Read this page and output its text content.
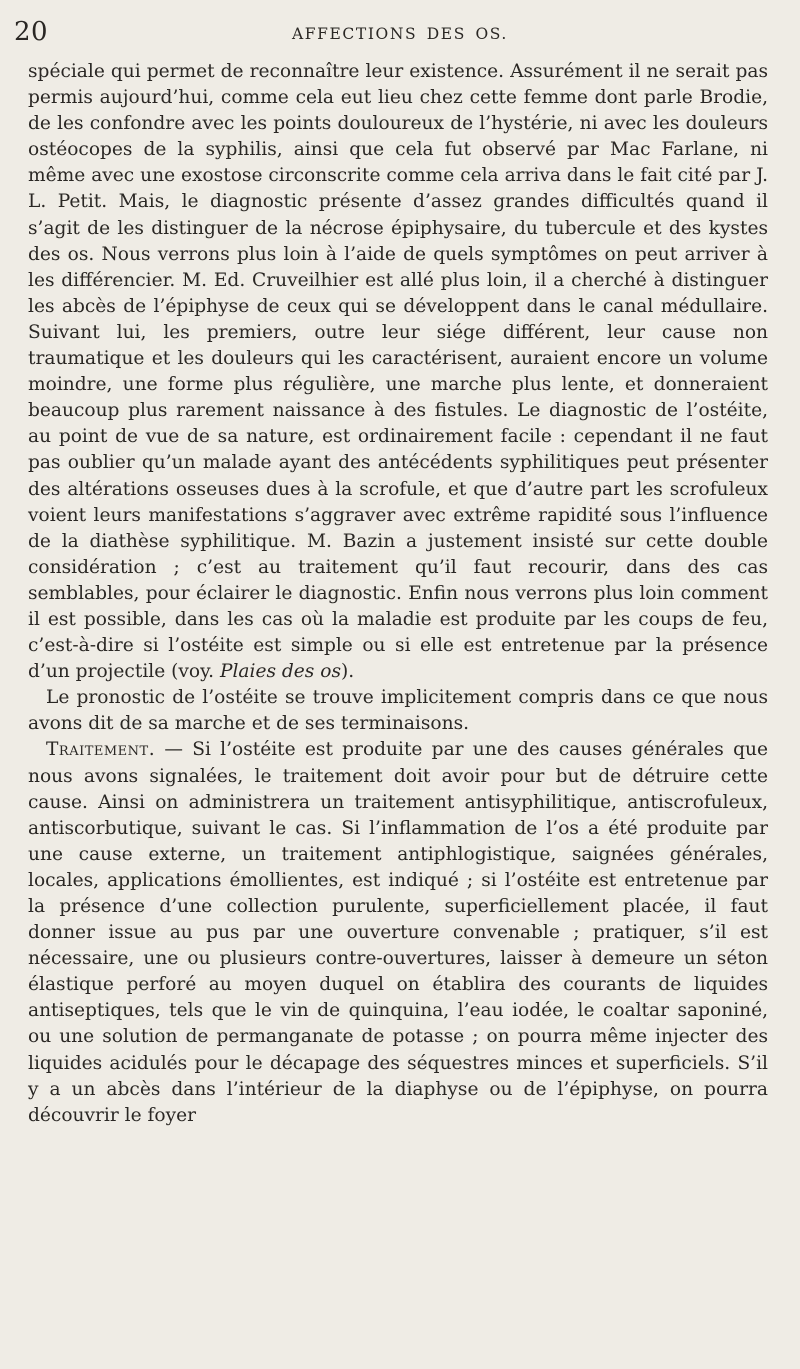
20	AFFECTIONS DES OS.

spéciale qui permet de reconnaître leur existence. Assurément il ne serait pas permis aujourd’hui, comme cela eut lieu chez cette femme dont parle Brodie, de les confondre avec les points douloureux de l’hystérie, ni avec les douleurs ostéocopes de la syphilis, ainsi que cela fut observé par Mac Farlane, ni même avec une exostose circonscrite comme cela arriva dans le fait cité par J. L. Petit. Mais, le diagnostic présente d’assez grandes difficultés quand il s’agit de les distinguer de la nécrose épiphysaire, du tubercule et des kystes des os. Nous verrons plus loin à l’aide de quels symptômes on peut arriver à les différencier. M. Ed. Cruveilhier est allé plus loin, il a cherché à distinguer les abcès de l’épiphyse de ceux qui se développent dans le canal médullaire. Suivant lui, les premiers, outre leur siége différent, leur cause non traumatique et les douleurs qui les caractérisent, auraient encore un volume moindre, une forme plus régulière, une marche plus lente, et donneraient beaucoup plus rarement naissance à des fistules. Le diagnostic de l’ostéite, au point de vue de sa nature, est ordinairement facile : cependant il ne faut pas oublier qu’un malade ayant des antécédents syphilitiques peut présenter des altérations osseuses dues à la scrofule, et que d’autre part les scrofuleux voient leurs manifestations s’aggraver avec extrême rapidité sous l’influence de la diathèse syphilitique. M. Bazin a justement insisté sur cette double considération ; c’est au traitement qu’il faut recourir, dans des cas semblables, pour éclairer le diagnostic. Enfin nous verrons plus loin comment il est possible, dans les cas où la maladie est produite par les coups de feu, c’est-à-dire si l’ostéite est simple ou si elle est entretenue par la présence d’un projectile (voy. Plaies des os).

Le pronostic de l’ostéite se trouve implicitement compris dans ce que nous avons dit de sa marche et de ses terminaisons.

Traitement. — Si l’ostéite est produite par une des causes générales que nous avons signalées, le traitement doit avoir pour but de détruire cette cause. Ainsi on administrera un traitement antisyphilitique, antiscrofuleux, antiscorbutique, suivant le cas. Si l’inflammation de l’os a été produite par une cause externe, un traitement antiphlogistique, saignées générales, locales, applications émollientes, est indiqué ; si l’ostéite est entretenue par la présence d’une collection purulente, superficiellement placée, il faut donner issue au pus par une ouverture convenable ; pratiquer, s’il est nécessaire, une ou plusieurs contre-ouvertures, laisser à demeure un séton élastique perforé au moyen duquel on établira des courants de liquides antiseptiques, tels que le vin de quinquina, l’eau iodée, le coaltar saponiné, ou une solution de permanganate de potasse ; on pourra même injecter des liquides acidulés pour le décapage des séquestres minces et superficiels. S’il y a un abcès dans l’intérieur de la diaphyse ou de l’épiphyse, on pourra découvrir le foyer
